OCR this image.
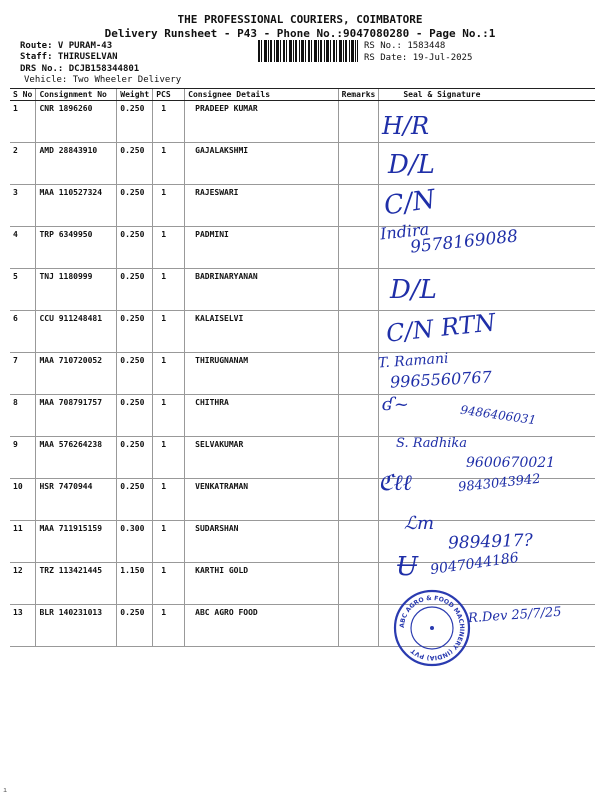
THE PROFESSIONAL COURIERS, COIMBATORE
Delivery Runsheet - P43 - Phone No.:9047080280 - Page No.:1
Route: V PURAM-43
Staff: THIRUSELVAN
DRS No.: DCJB158344801
Vehicle: Two Wheeler Delivery
RS No.: 1583448
RS Date: 19-Jul-2025
S No	Consignment No	Weight	PCS	Consignee Details	Remarks	Seal & Signature
1	CNR 1896260	0.250	1	PRADEEP KUMAR		
2	AMD 28843910	0.250	1	GAJALAKSHMI		
3	MAA 110527324	0.250	1	RAJESWARI		
4	TRP 6349950	0.250	1	PADMINI		
5	TNJ 1180999	0.250	1	BADRINARYANAN		
6	CCU 911248481	0.250	1	KALAISELVI		
7	MAA 710720052	0.250	1	THIRUGNANAM		
8	MAA 708791757	0.250	1	CHITHRA		
9	MAA 576264238	0.250	1	SELVAKUMAR		
10	HSR 7470944	0.250	1	VENKATRAMAN		
11	MAA 711915159	0.300	1	SUDARSHAN		
12	TRZ 113421445	1.150	1	KARTHI GOLD		
13	BLR 140231013	0.250	1	ABC AGRO FOOD		
H/R
D/L
C/N
Indira
9578169088
D/L
C/N RTN
T. Ramani
9965560767
ʛ~	9486406031
S. Radhika
9600670021
ℭℓℓ	9843043942
ℒm
9894917?
Ʉ 9047044186
R.Dev 25/7/25
ABC AGRO & FOOD MACHINERY (INDIA) PVT
ı
